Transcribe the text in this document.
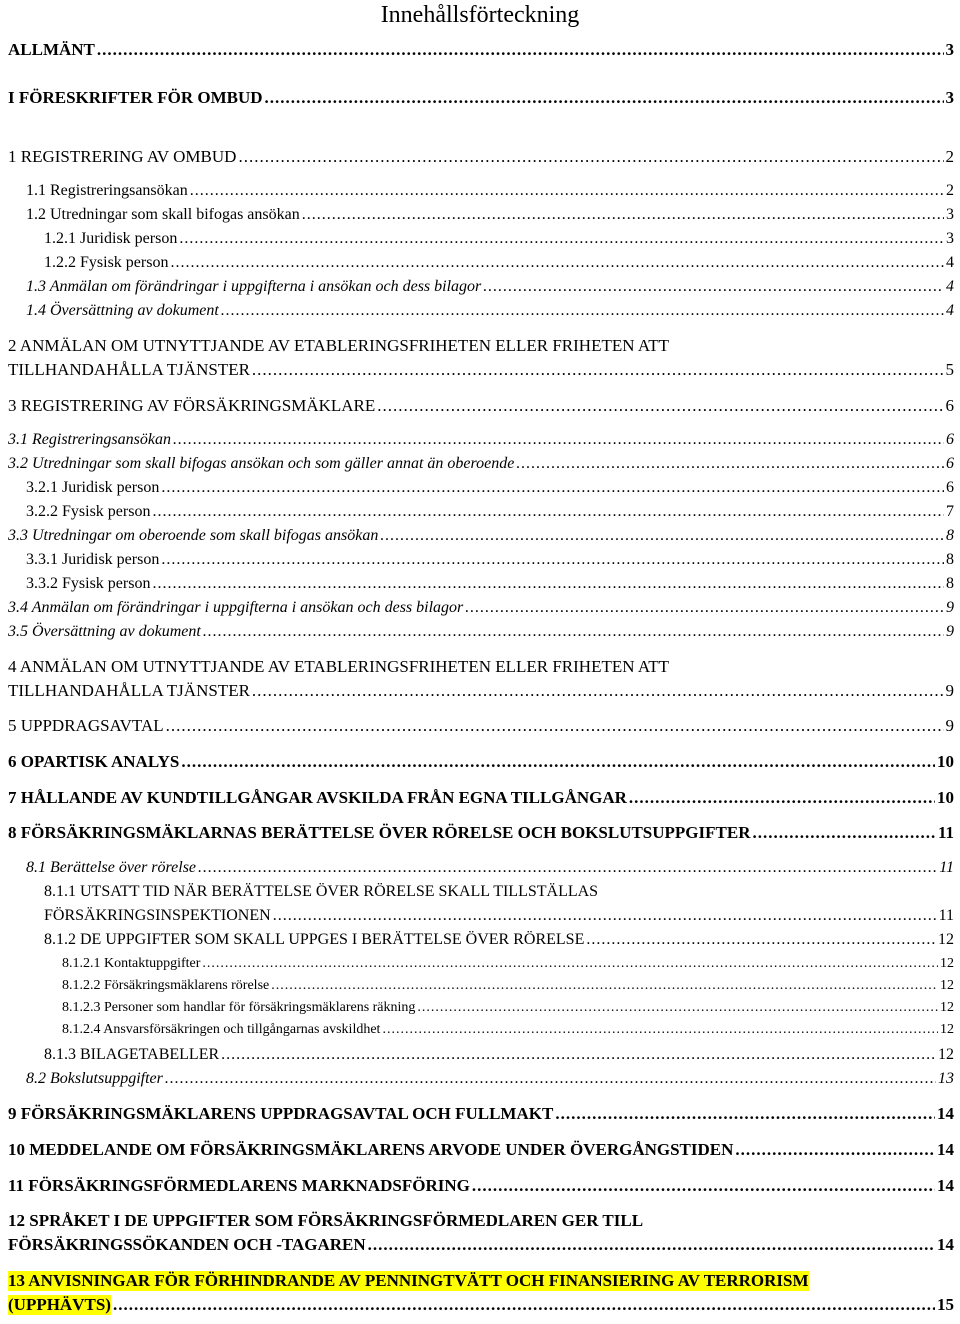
Innehållsförteckning
ALLMÄNT .....	3
I FÖRESKRIFTER FÖR OMBUD .....	3
1 REGISTRERING AV OMBUD .....	2
1.1 Registreringsansökan .....	2
1.2 Utredningar som skall bifogas ansökan .....	3
1.2.1 Juridisk person .....	3
1.2.2 Fysisk person .....	4
1.3 Anmälan om förändringar i uppgifterna i ansökan och dess bilagor .....	4
1.4 Översättning av dokument .....	4
2 ANMÄLAN OM UTNYTTJANDE AV ETABLERINGSFRIHETEN ELLER FRIHETEN ATT
TILLHANDAHÅLLA TJÄNSTER .....	5
3 REGISTRERING AV FÖRSÄKRINGSMÄKLARE .....	6
3.1 Registreringsansökan .....	6
3.2 Utredningar som skall bifogas ansökan och som gäller annat än oberoende .....	6
3.2.1 Juridisk person .....	6
3.2.2 Fysisk person .....	7
3.3 Utredningar om oberoende som skall bifogas ansökan .....	8
3.3.1 Juridisk person .....	8
3.3.2 Fysisk person .....	8
3.4 Anmälan om förändringar i uppgifterna i ansökan och dess bilagor .....	9
3.5 Översättning av dokument .....	9
4 ANMÄLAN OM UTNYTTJANDE AV ETABLERINGSFRIHETEN ELLER FRIHETEN ATT
TILLHANDAHÅLLA TJÄNSTER .....	9
5 UPPDRAGSAVTAL .....	9
6 OPARTISK ANALYS .....	10
7 HÅLLANDE AV KUNDTILLGÅNGAR AVSKILDA FRÅN EGNA TILLGÅNGAR .....	10
8 FÖRSÄKRINGSMÄKLARNAS BERÄTTELSE ÖVER RÖRELSE OCH BOKSLUTSUPPGIFTER .....	11
8.1 Berättelse över rörelse .....	11
8.1.1 UTSATT TID NÄR BERÄTTELSE ÖVER RÖRELSE SKALL TILLSTÄLLAS
FÖRSÄKRINGSINSPEKTIONEN .....	11
8.1.2 DE UPPGIFTER SOM SKALL UPPGES I BERÄTTELSE ÖVER RÖRELSE .....	12
8.1.2.1 Kontaktuppgifter .....	12
8.1.2.2 Försäkringsmäklarens rörelse .....	12
8.1.2.3 Personer som handlar för försäkringsmäklarens räkning .....	12
8.1.2.4 Ansvarsförsäkringen och tillgångarnas avskildhet .....	12
8.1.3 BILAGETABELLER .....	12
8.2 Bokslutsuppgifter .....	13
9 FÖRSÄKRINGSMÄKLARENS UPPDRAGSAVTAL OCH FULLMAKT .....	14
10 MEDDELANDE OM FÖRSÄKRINGSMÄKLARENS ARVODE UNDER ÖVERGÅNGSTIDEN .....	14
11 FÖRSÄKRINGSFÖRMEDLARENS MARKNADSFÖRING .....	14
12 SPRÅKET I DE UPPGIFTER SOM FÖRSÄKRINGSFÖRMEDLAREN GER TILL
FÖRSÄKRINGSSÖKANDEN OCH -TAGAREN .....	14
13 ANVISNINGAR FÖR FÖRHINDRANDE AV PENNINGTVÄTT OCH FINANSIERING AV TERRORISM
(UPPHÄVTS) .....	15
